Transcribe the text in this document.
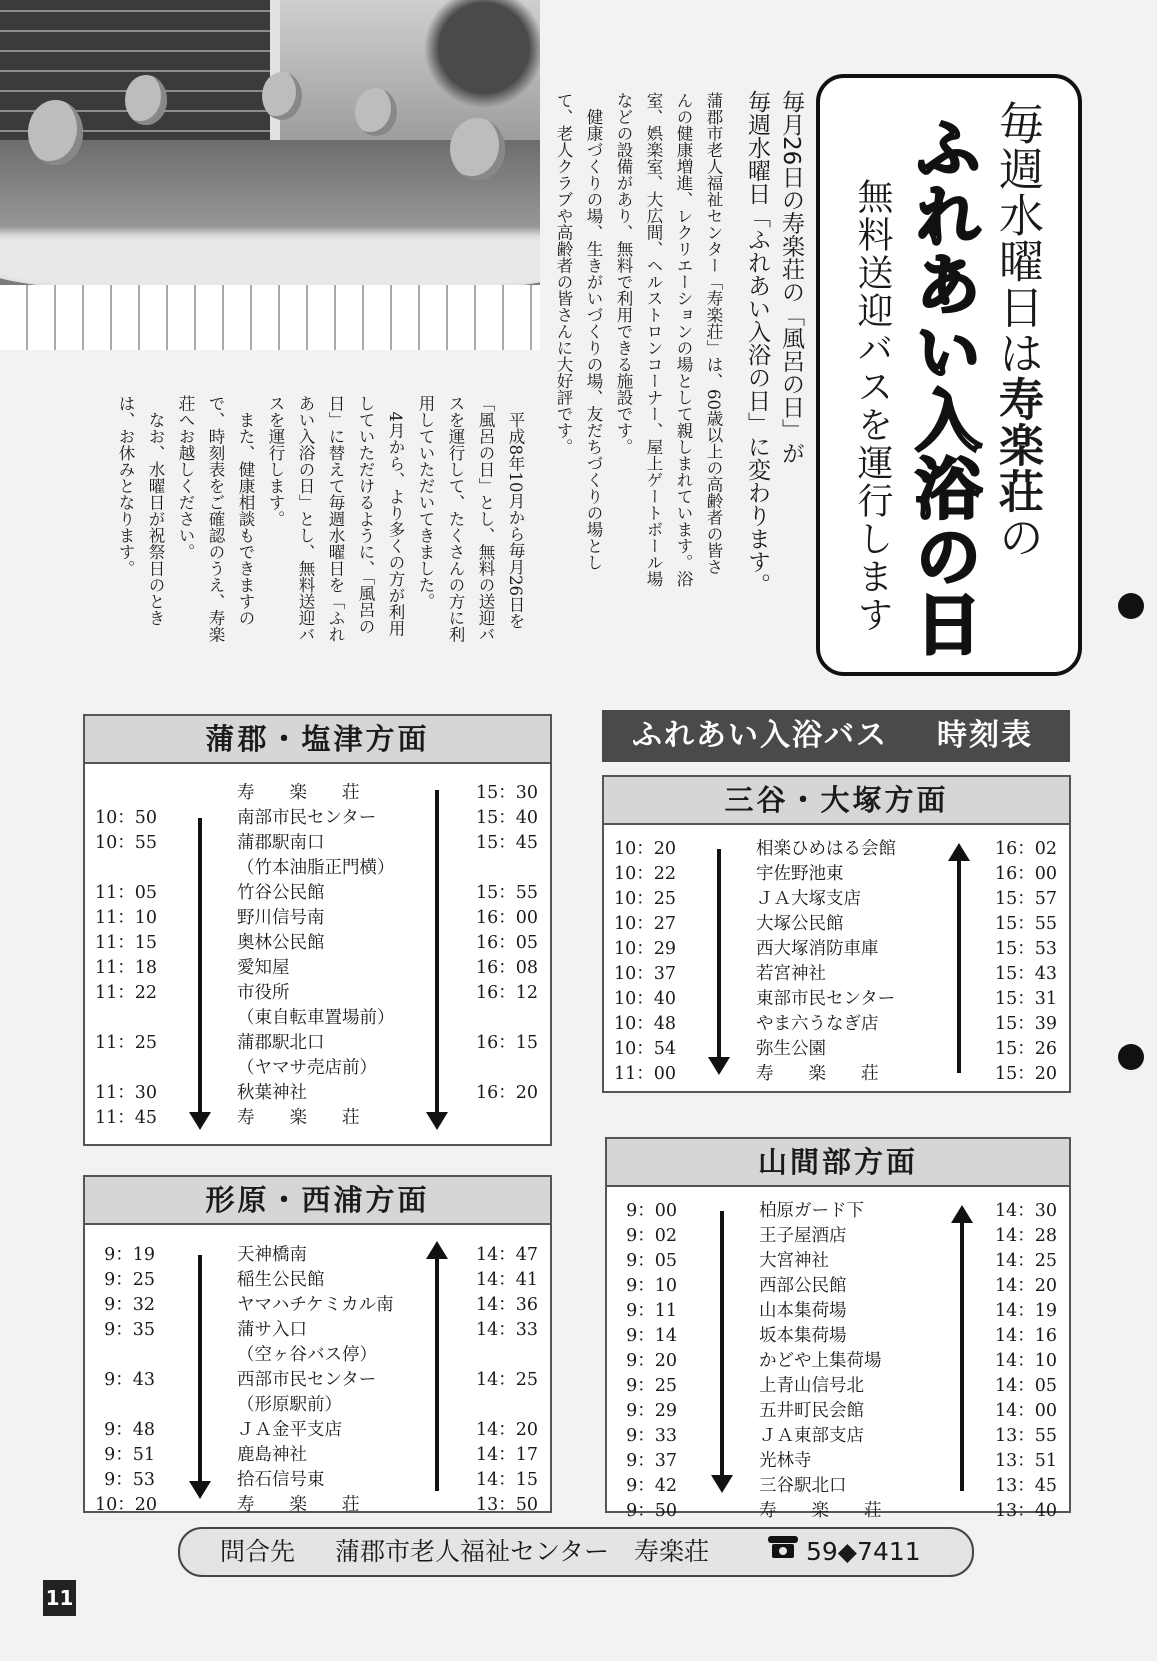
毎週水曜日は寿楽荘の
ふれあい入浴の日
無料送迎バスを運行します
毎月26日の寿楽荘の「風呂の日」が
毎週水曜日「ふれあい入浴の日」に変わります。
蒲郡市老人福祉センター「寿楽荘」は、60歳以上の高齢者の皆さ
んの健康増進、レクリエーションの場として親しまれています。浴
室、娯楽室、大広間、ヘルストロンコーナー、屋上ゲートボール場
などの設備があり、無料で利用できる施設です。
　健康づくりの場、生きがいづくりの場、友だちづくりの場とし
て、老人クラブや高齢者の皆さんに大好評です。
　平成8年10月から毎月26日を
「風呂の日」とし、無料の送迎バ
スを運行して、たくさんの方に利
用していただいてきました。
　4月から、より多くの方が利用
していただけるように、「風呂の
日」に替えて毎週水曜日を「ふれ
あい入浴の日」とし、無料送迎バ
スを運行します。
　また、健康相談もできますの
で、時刻表をご確認のうえ、寿楽
荘へお越しください。
　なお、水曜日が祝祭日のとき
は、お休みとなります。
ふれあい入浴バス 時刻表
蒲郡・塩津方面
寿　　楽　　荘	15：30
10：50	南部市民センター	15：40
10：55	蒲郡駅南口	15：45
（竹本油脂正門横）
11：05	竹谷公民館	15：55
11：10	野川信号南	16：00
11：15	奥林公民館	16：05
11：18	愛知屋	16：08
11：22	市役所	16：12
（東自転車置場前）
11：25	蒲郡駅北口	16：15
（ヤマサ売店前）
11：30	秋葉神社	16：20
11：45	寿　　楽　　荘
形原・西浦方面
9：19	天神橋南	14：47
9：25	稲生公民館	14：41
9：32	ヤマハチケミカル南	14：36
9：35	蒲サ入口	14：33
（空ヶ谷バス停）
9：43	西部市民センター	14：25
（形原駅前）
9：48	ＪＡ金平支店	14：20
9：51	鹿島神社	14：17
9：53	拾石信号東	14：15
10：20	寿　　楽　　荘	13：50
三谷・大塚方面
10：20	相楽ひめはる会館	16：02
10：22	宇佐野池東	16：00
10：25	ＪＡ大塚支店	15：57
10：27	大塚公民館	15：55
10：29	西大塚消防車庫	15：53
10：37	若宮神社	15：43
10：40	東部市民センター	15：31
10：48	やま六うなぎ店	15：39
10：54	弥生公園	15：26
11：00	寿　　楽　　荘	15：20
山間部方面
9：00	柏原ガード下	14：30
9：02	王子屋酒店	14：28
9：05	大宮神社	14：25
9：10	西部公民館	14：20
9：11	山本集荷場	14：19
9：14	坂本集荷場	14：16
9：20	かどや上集荷場	14：10
9：25	上青山信号北	14：05
9：29	五井町民会館	14：00
9：33	ＪＡ東部支店	13：55
9：37	光林寺	13：51
9：42	三谷駅北口	13：45
9：50	寿　　楽　　荘	13：40
問合先 蒲郡市老人福祉センター　寿楽荘	59◆7411
11
